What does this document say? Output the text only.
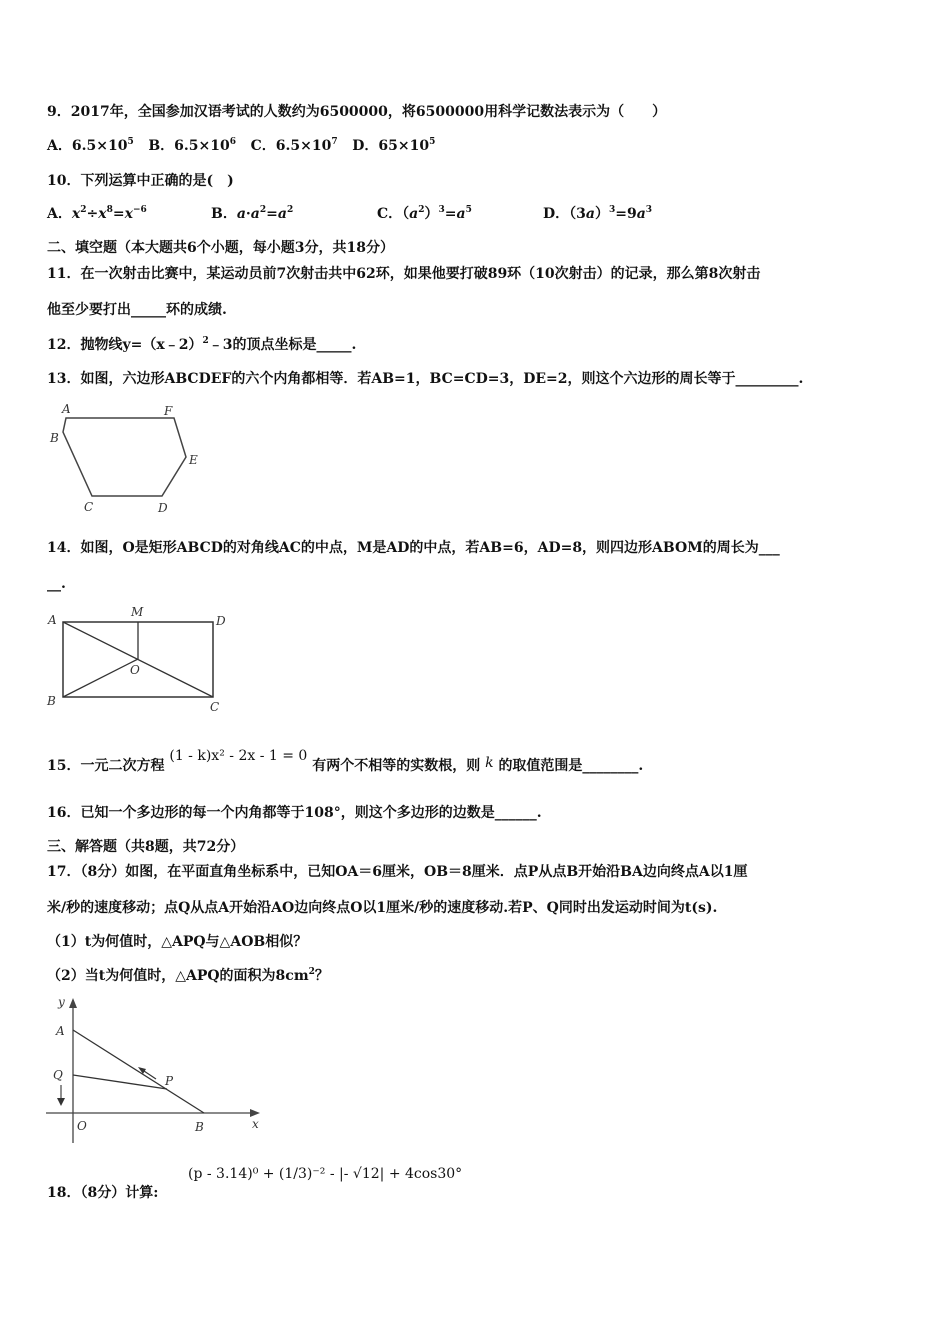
9．2017年，全国参加汉语考试的人数约为6500000，将6500000用科学记数法表示为（　　）
A．$6.5\times 10^5$ B．$6.5\times 10^6$ C．$6.5\times 10^7$ D．$65\times 10^5$
10．下列运算中正确的是(　)
A．$x^2\div x^8=x^{-6}$	B．$a\cdot a^2=a^2$	C．$(a^2)^3=a^5$	D．$(3a)^3=9a^3$
二、填空题（本大题共6个小题，每小题3分，共18分）
11．在一次射击比赛中，某运动员前7次射击共中62环，如果他要打破89环（10次射击）的记录，那么第8次射击
他至少要打出_____环的成绩.
12．抛物线y=（x﹣2）$^2$﹣3的顶点坐标是_____.
13．如图，六边形ABCDEF的六个内角都相等．若AB=1，BC=CD=3，DE=2，则这个六边形的周长等于_________.
A	F
B
E
C	D
14．如图，O是矩形ABCD的对角线AC的中点，M是AD的中点，若AB=6，AD=8，则四边形ABOM的周长为___
__.
A
M
D
O
B	C
15．一元二次方程 (1 - k)x² - 2x - 1 = 0 有两个不相等的实数根，则 k 的取值范围是________.
16．已知一个多边形的每一个内角都等于108°，则这个多边形的边数是______.
三、解答题（共8题，共72分）
17．（8分）如图，在平面直角坐标系中，已知OA＝6厘米，OB＝8厘米．点P从点B开始沿BA边向终点A以1厘
米/秒的速度移动；点Q从点A开始沿AO边向终点O以1厘米/秒的速度移动.若P、Q同时出发运动时间为t(s).
（1）t为何值时，△APQ与△AOB相似？
（2）当t为何值时，△APQ的面积为$8cm^2$？
y
x
A
Q	P
O	B
18．（8分）计算:
(p - 3.14)⁰ + (1/3)⁻² - |- √12| + 4cos30°
